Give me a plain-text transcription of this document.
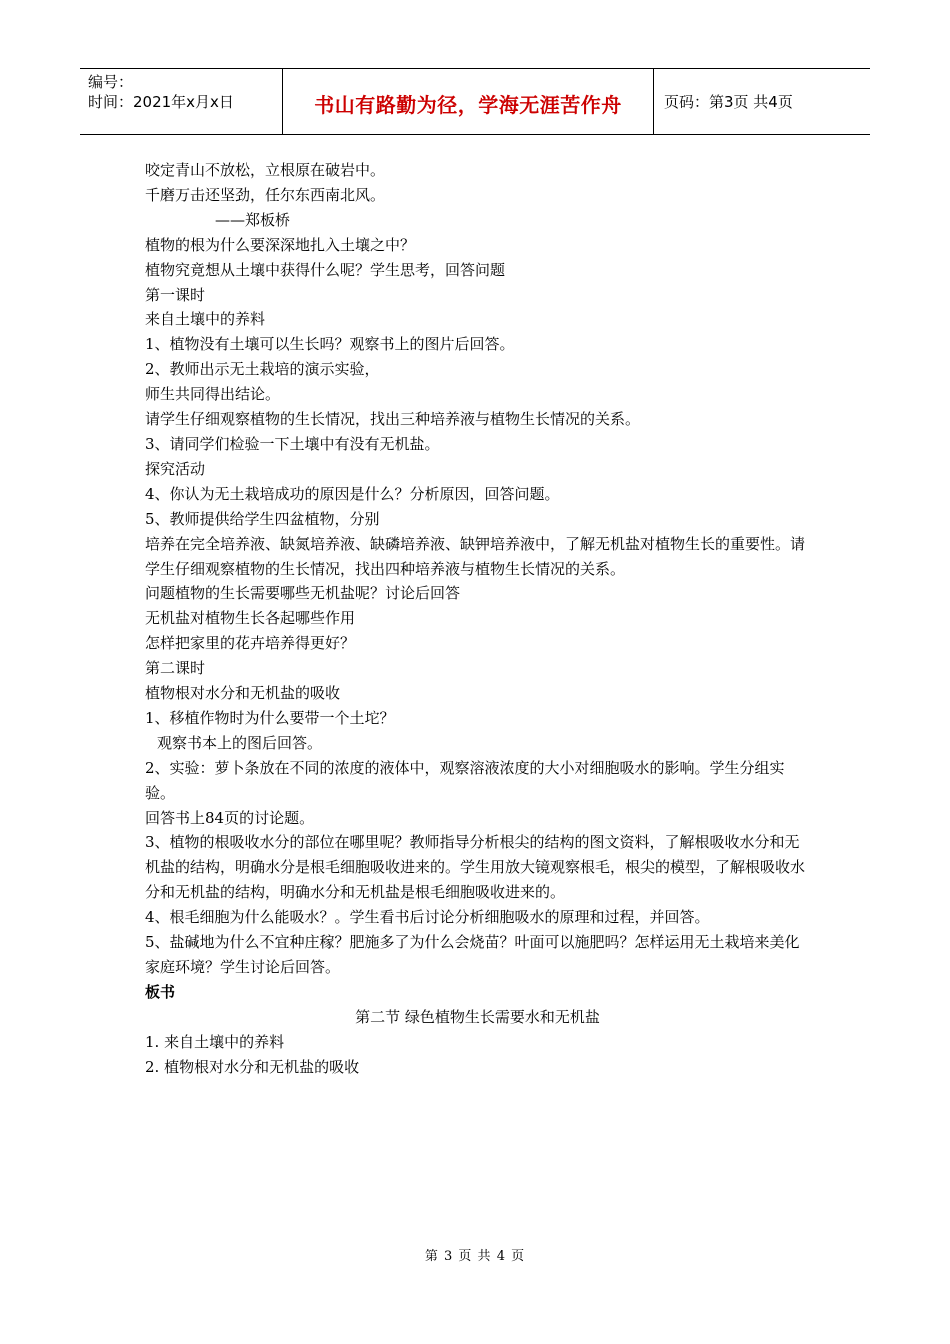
编号：
时间：2021年x月x日	书山有路勤为径，学海无涯苦作舟	页码：第3页 共4页

咬定青山不放松，立根原在破岩中。

千磨万击还坚劲，任尔东西南北风。

——郑板桥

植物的根为什么要深深地扎入土壤之中？

植物究竟想从土壤中获得什么呢？学生思考，回答问题

第一课时

来自土壤中的养料

1、植物没有土壤可以生长吗？观察书上的图片后回答。

2、教师出示无土栽培的演示实验，

师生共同得出结论。

请学生仔细观察植物的生长情况，找出三种培养液与植物生长情况的关系。

3、请同学们检验一下土壤中有没有无机盐。

探究活动

4、你认为无土栽培成功的原因是什么？分析原因，回答问题。

5、教师提供给学生四盆植物，分别

培养在完全培养液、缺氮培养液、缺磷培养液、缺钾培养液中，了解无机盐对植物生长的重要性。请学生仔细观察植物的生长情况，找出四种培养液与植物生长情况的关系。

问题植物的生长需要哪些无机盐呢？讨论后回答

无机盐对植物生长各起哪些作用

怎样把家里的花卉培养得更好？

第二课时

植物根对水分和无机盐的吸收

1、移植作物时为什么要带一个土坨？

观察书本上的图后回答。

2、实验：萝卜条放在不同的浓度的液体中，观察溶液浓度的大小对细胞吸水的影响。学生分组实验。

回答书上84页的讨论题。

3、植物的根吸收水分的部位在哪里呢？教师指导分析根尖的结构的图文资料，了解根吸收水分和无机盐的结构，明确水分是根毛细胞吸收进来的。学生用放大镜观察根毛，根尖的模型，了解根吸收水分和无机盐的结构，明确水分和无机盐是根毛细胞吸收进来的。

4、根毛细胞为什么能吸水？。学生看书后讨论分析细胞吸水的原理和过程，并回答。

5、盐碱地为什么不宜种庄稼？肥施多了为什么会烧苗？叶面可以施肥吗？怎样运用无土栽培来美化家庭环境？学生讨论后回答。

板书

第二节 绿色植物生长需要水和无机盐

1. 来自土壤中的养料

2. 植物根对水分和无机盐的吸收

第 3 页 共 4 页
